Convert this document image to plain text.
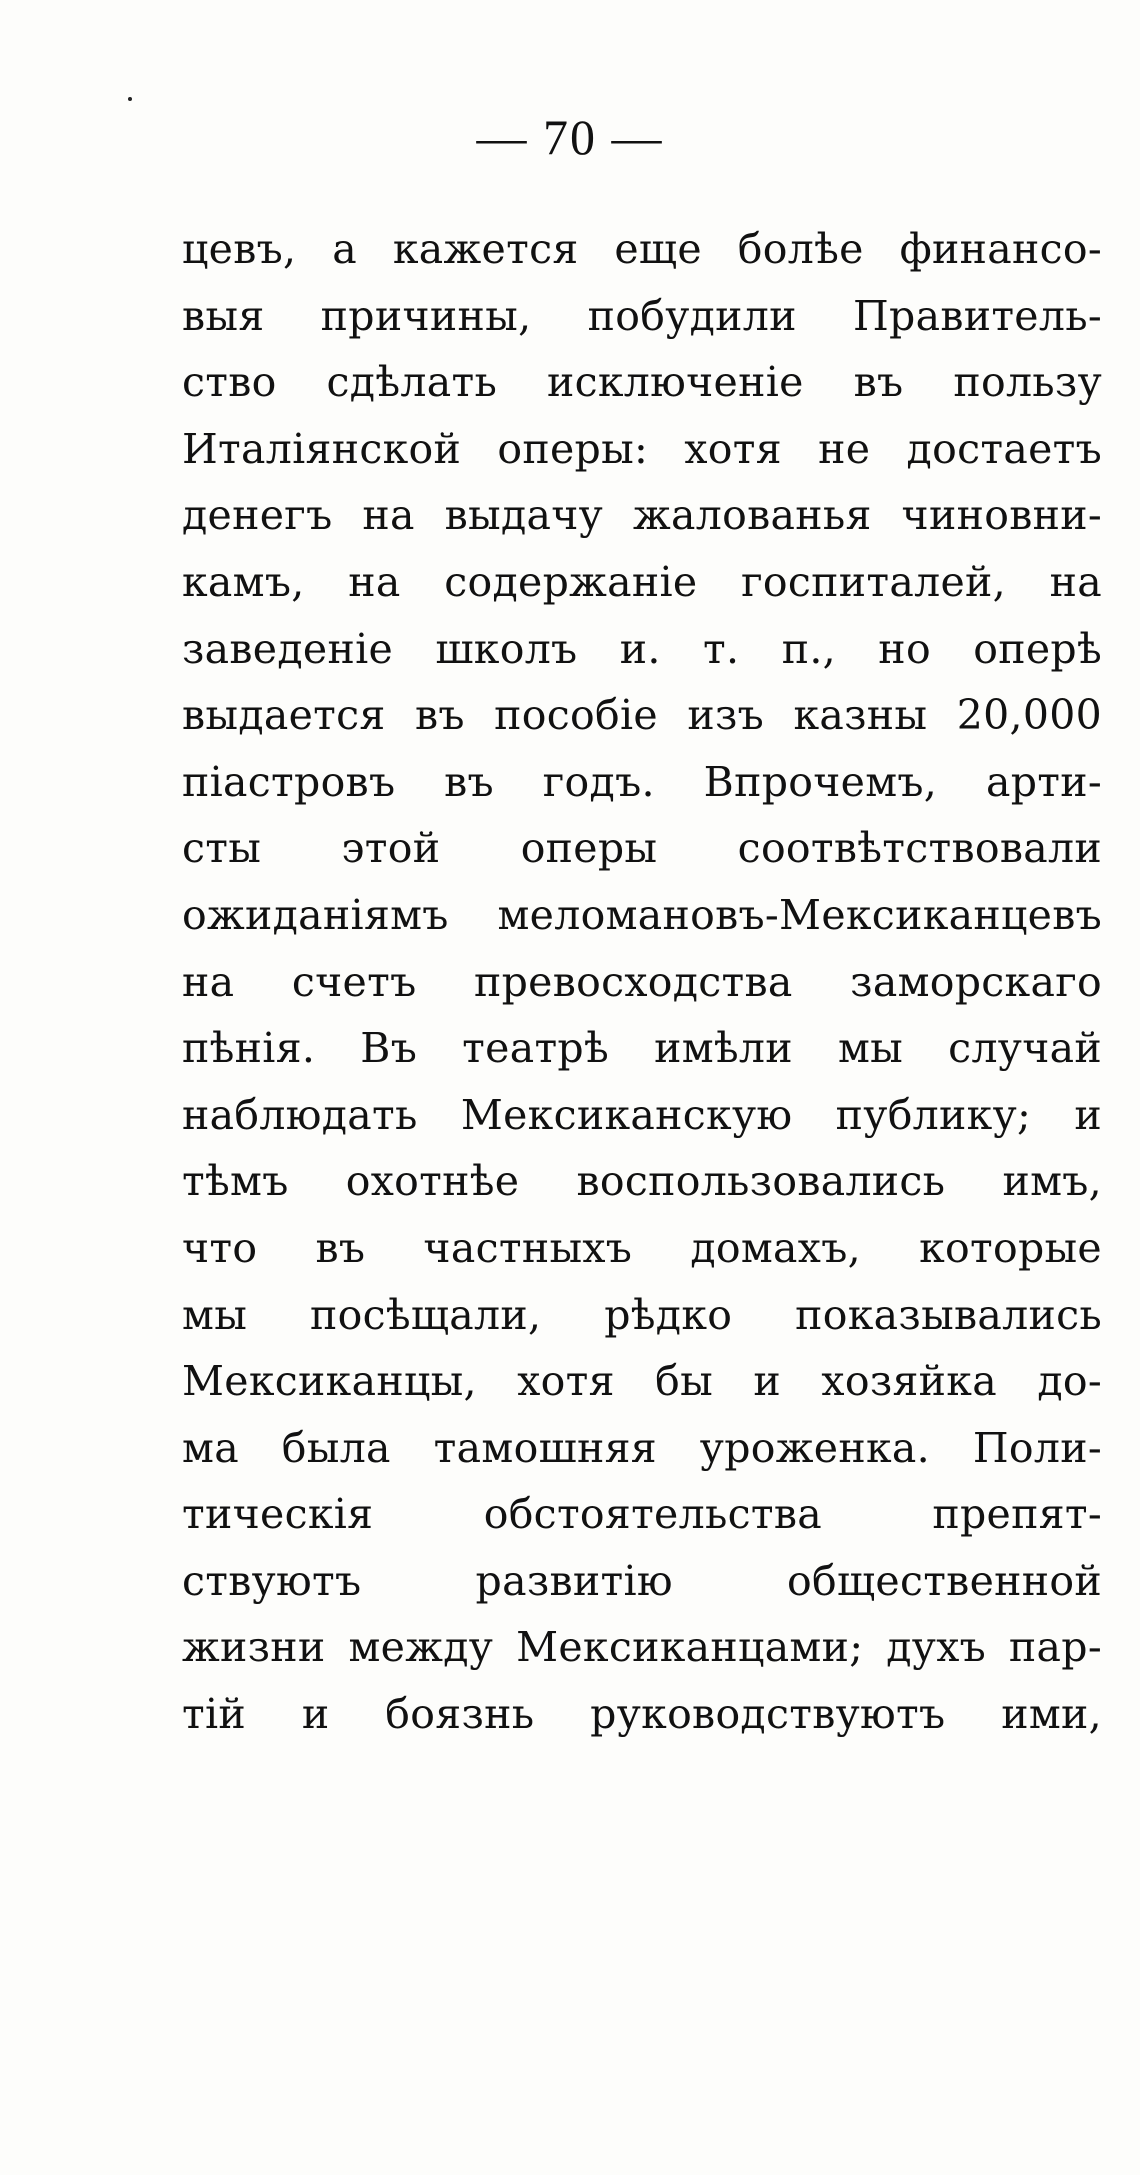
— 70 —
цевъ, а кажется еще болѣе финансо-
выя причины, побудили Правитель-
ство сдѣлать исключеніе въ пользу
Италіянской оперы: хотя не достаетъ
денегъ на выдачу жалованья чиновни-
камъ, на содержаніе госпиталей, на
заведеніе школъ и. т. п., но оперѣ
выдается въ пособіе изъ казны 20,000
піастровъ въ годъ. Впрочемъ, арти-
сты этой оперы соотвѣтствовали
ожиданіямъ меломановъ-Мексиканцевъ
на счетъ превосходства заморскаго
пѣнія. Въ театрѣ имѣли мы случай
наблюдать Мексиканскую публику; и
тѣмъ охотнѣе воспользовались имъ,
что въ частныхъ домахъ, которые
мы посѣщали, рѣдко показывались
Мексиканцы, хотя бы и хозяйка до-
ма была тамошняя уроженка. Поли-
тическія обстоятельства препят-
ствуютъ развитію общественной
жизни между Мексиканцами; духъ пар-
тій и боязнь руководствуютъ ими,
